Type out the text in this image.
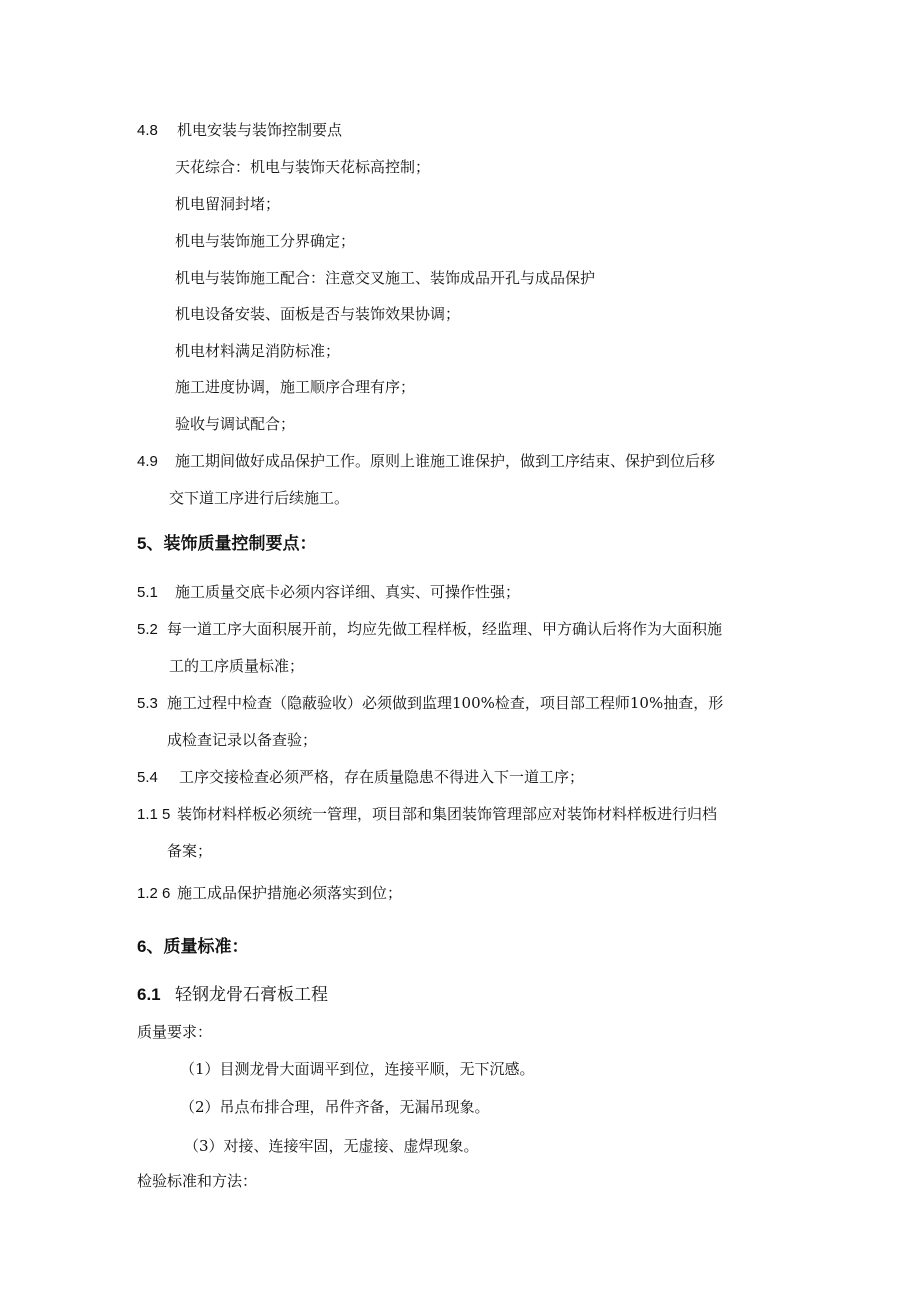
4.8 机电安装与装饰控制要点

天花综合：机电与装饰天花标高控制；

机电留洞封堵；

机电与装饰施工分界确定；

机电与装饰施工配合：注意交叉施工、装饰成品开孔与成品保护

机电设备安装、面板是否与装饰效果协调；

机电材料满足消防标准；

施工进度协调，施工顺序合理有序；

验收与调试配合；

4.9 施工期间做好成品保护工作。原则上谁施工谁保护，做到工序结束、保护到位后移

交下道工序进行后续施工。

5、装饰质量控制要点：

5.1 施工质量交底卡必须内容详细、真实、可操作性强；

5.2 每一道工序大面积展开前，均应先做工程样板，经监理、甲方确认后将作为大面积施

工的工序质量标准；

5.3 施工过程中检查（隐蔽验收）必须做到监理100%检查，项目部工程师10%抽查，形

成检查记录以备查验；

5.4 工序交接检查必须严格，存在质量隐患不得进入下一道工序；

1.1 5 装饰材料样板必须统一管理，项目部和集团装饰管理部应对装饰材料样板进行归档

备案；

1.2 6 施工成品保护措施必须落实到位；

6、质量标准：

6.1 轻钢龙骨石膏板工程

质量要求：

（1）目测龙骨大面调平到位，连接平顺，无下沉感。

（2）吊点布排合理，吊件齐备，无漏吊现象。

（3）对接、连接牢固，无虚接、虚焊现象。

检验标准和方法：
